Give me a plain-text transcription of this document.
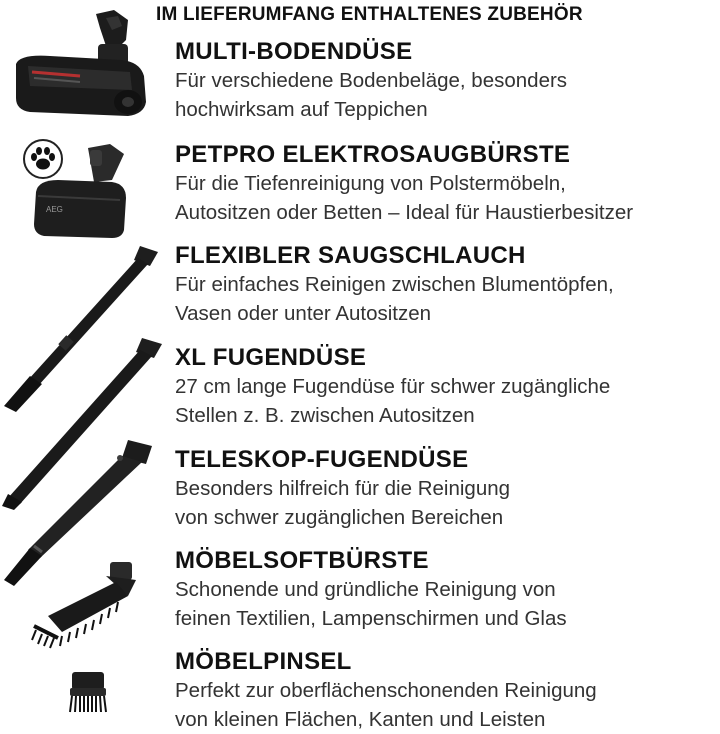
IM LIEFERUMFANG ENTHALTENES ZUBEHÖR
MULTI-BODENDÜSE
Für verschiedene Bodenbeläge, besonders
hochwirksam auf Teppichen
PETPRO ELEKTROSAUGBÜRSTE
Für die Tiefenreinigung von Polstermöbeln,
Autositzen oder Betten – Ideal für Haustierbesitzer
FLEXIBLER SAUGSCHLAUCH
Für einfaches Reinigen zwischen Blumentöpfen,
Vasen oder unter Autositzen
XL FUGENDÜSE
27 cm lange Fugendüse für schwer zugängliche
Stellen z. B. zwischen Autositzen
TELESKOP-FUGENDÜSE
Besonders hilfreich für die Reinigung
von schwer zugänglichen Bereichen
MÖBELSOFTBÜRSTE
Schonende und gründliche Reinigung von
feinen Textilien, Lampenschirmen und Glas
MÖBELPINSEL
Perfekt zur oberflächenschonenden Reinigung
von kleinen Flächen, Kanten und Leisten
AEG
